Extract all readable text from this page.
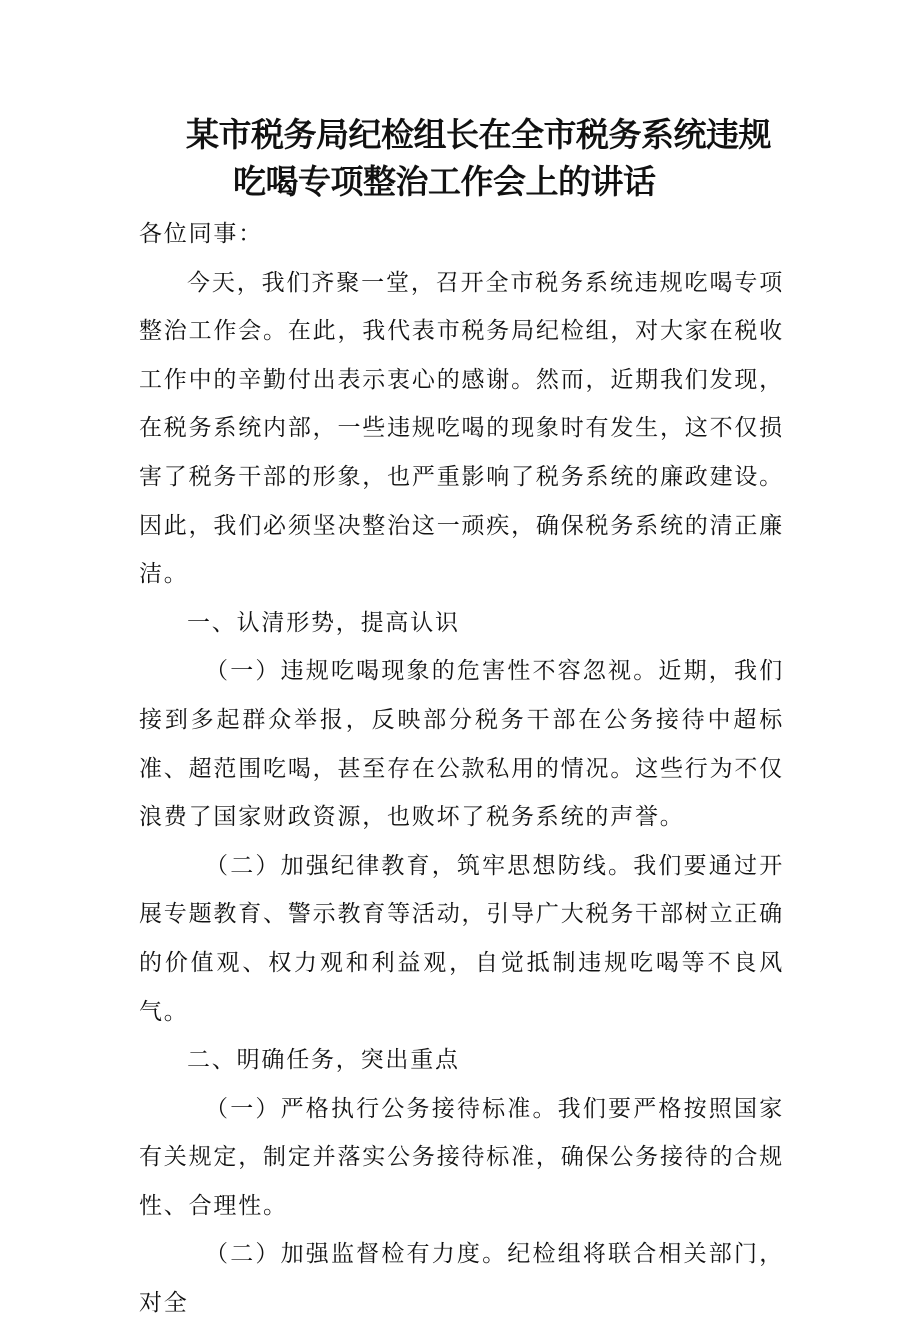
某市税务局纪检组长在全市税务系统违规
吃喝专项整治工作会上的讲话

各位同事：

今天，我们齐聚一堂，召开全市税务系统违规吃喝专项整治工作会。在此，我代表市税务局纪检组，对大家在税收工作中的辛勤付出表示衷心的感谢。然而，近期我们发现，在税务系统内部，一些违规吃喝的现象时有发生，这不仅损害了税务干部的形象，也严重影响了税务系统的廉政建设。因此，我们必须坚决整治这一顽疾，确保税务系统的清正廉洁。

一、认清形势，提高认识

（一）违规吃喝现象的危害性不容忽视。近期，我们接到多起群众举报，反映部分税务干部在公务接待中超标准、超范围吃喝，甚至存在公款私用的情况。这些行为不仅浪费了国家财政资源，也败坏了税务系统的声誉。

（二）加强纪律教育，筑牢思想防线。我们要通过开展专题教育、警示教育等活动，引导广大税务干部树立正确的价值观、权力观和利益观，自觉抵制违规吃喝等不良风气。

二、明确任务，突出重点

（一）严格执行公务接待标准。我们要严格按照国家有关规定，制定并落实公务接待标准，确保公务接待的合规性、合理性。

（二）加强监督检有力度。纪检组将联合相关部门，对全
